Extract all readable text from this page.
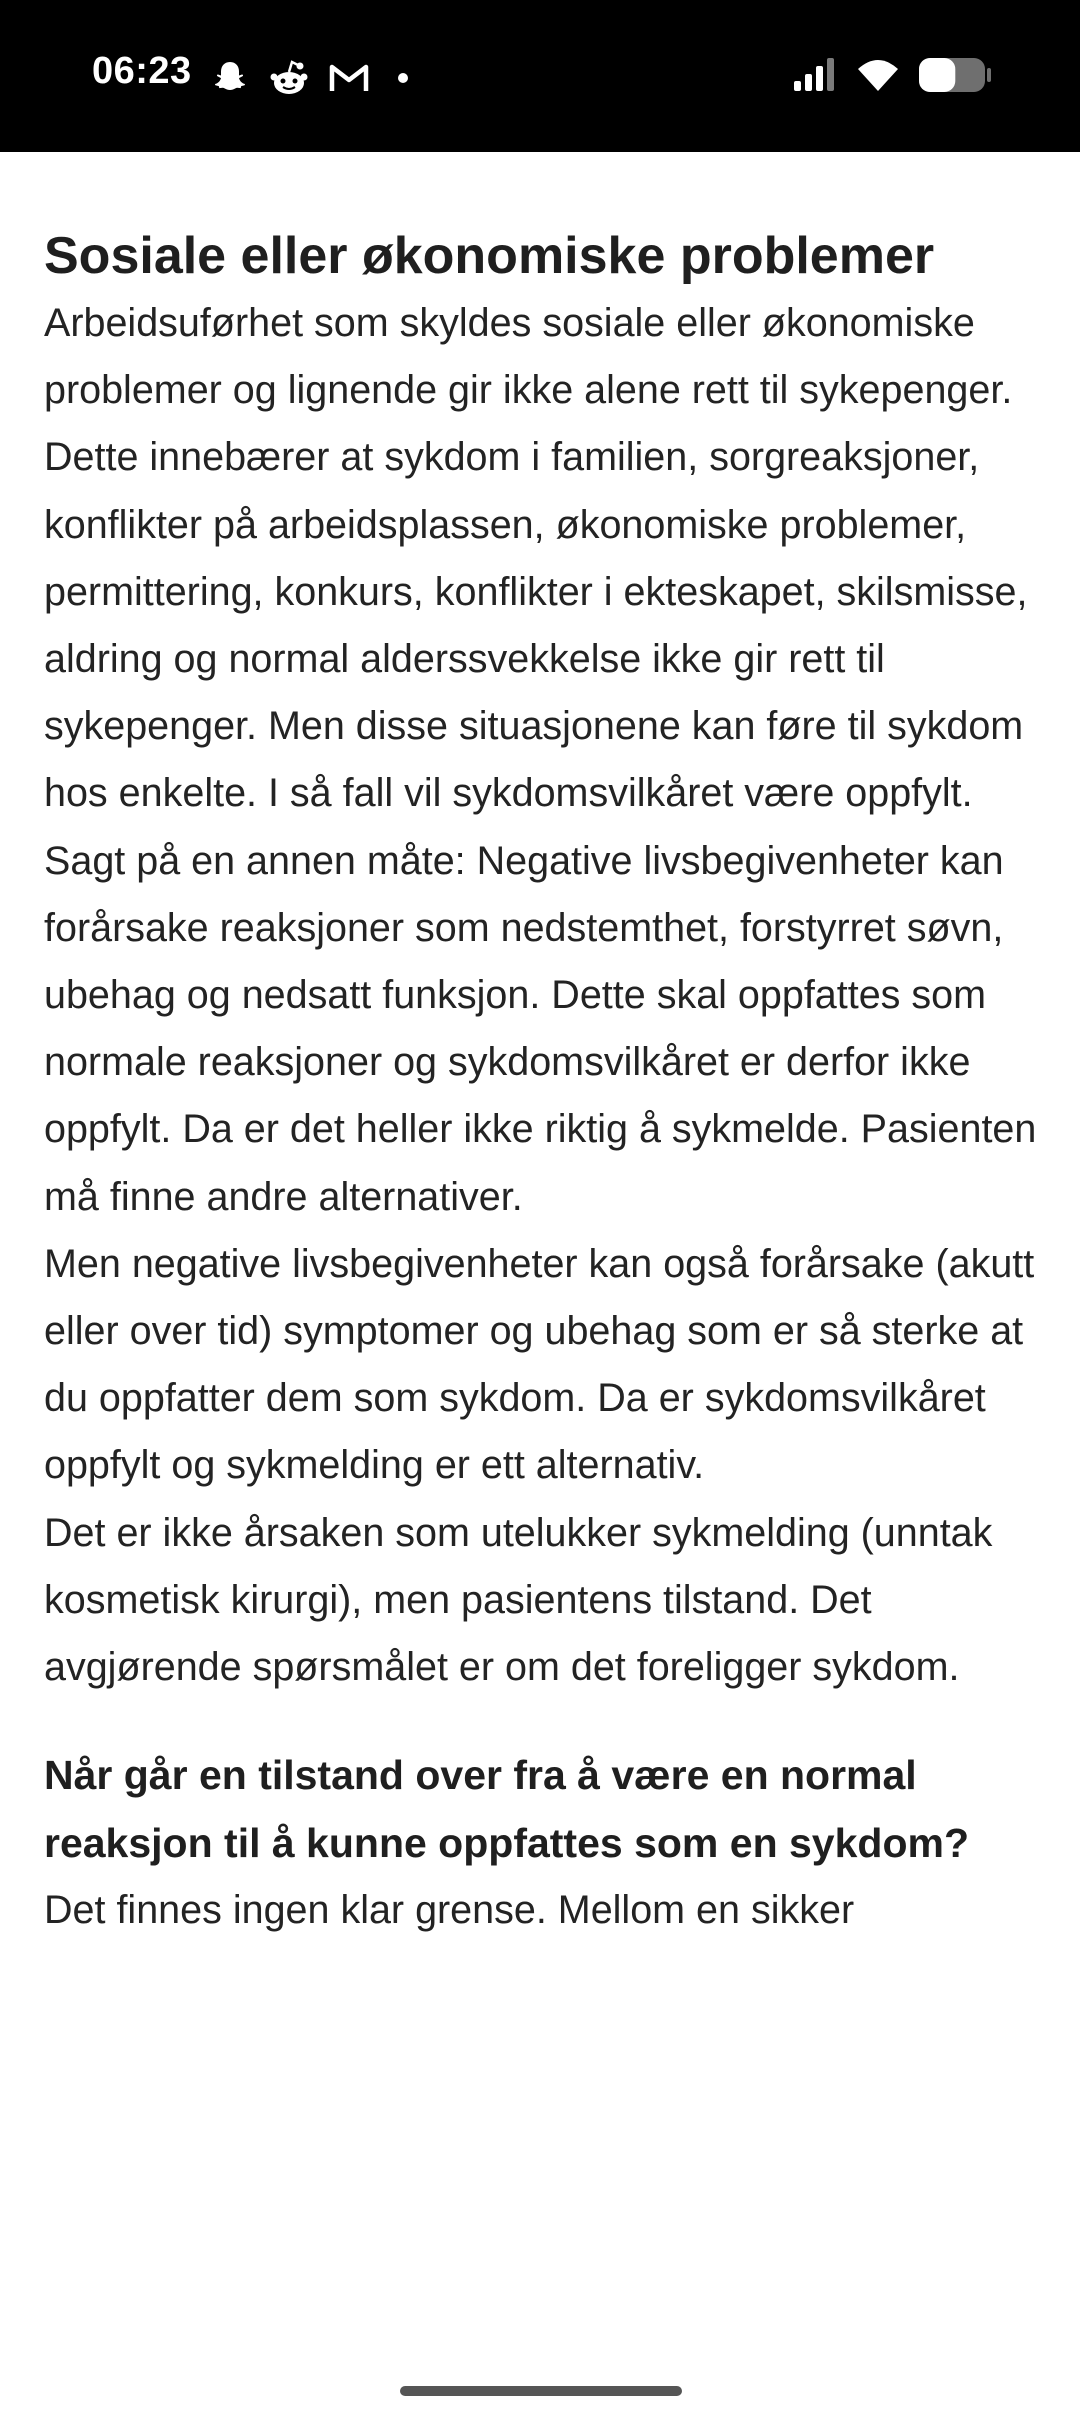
06:23
Sosiale eller økonomiske problemer

Arbeidsuførhet som skyldes sosiale eller økonomiske problemer og lignende gir ikke alene rett til sykepenger. Dette innebærer at sykdom i familien, sorgreaksjoner, konflikter på arbeidsplassen, økonomiske problemer, permittering, konkurs, konflikter i ekteskapet, skilsmisse, aldring og normal alderssvekkelse ikke gir rett til sykepenger. Men disse situasjonene kan føre til sykdom hos enkelte. I så fall vil sykdomsvilkåret være oppfylt.

Sagt på en annen måte: Negative livsbegivenheter kan forårsake reaksjoner som nedstemthet, forstyrret søvn, ubehag og nedsatt funksjon. Dette skal oppfattes som normale reaksjoner og sykdomsvilkåret er derfor ikke oppfylt. Da er det heller ikke riktig å sykmelde. Pasienten må finne andre alternativer.

Men negative livsbegivenheter kan også forårsake (akutt eller over tid) symptomer og ubehag som er så sterke at du oppfatter dem som sykdom. Da er sykdomsvilkåret oppfylt og sykmelding er ett alternativ.

Det er ikke årsaken som utelukker sykmelding (unntak kosmetisk kirurgi), men pasientens tilstand. Det avgjørende spørsmålet er om det foreligger sykdom.

Når går en tilstand over fra å være en normal reaksjon til å kunne oppfattes som en sykdom?

Det finnes ingen klar grense. Mellom en sikker
